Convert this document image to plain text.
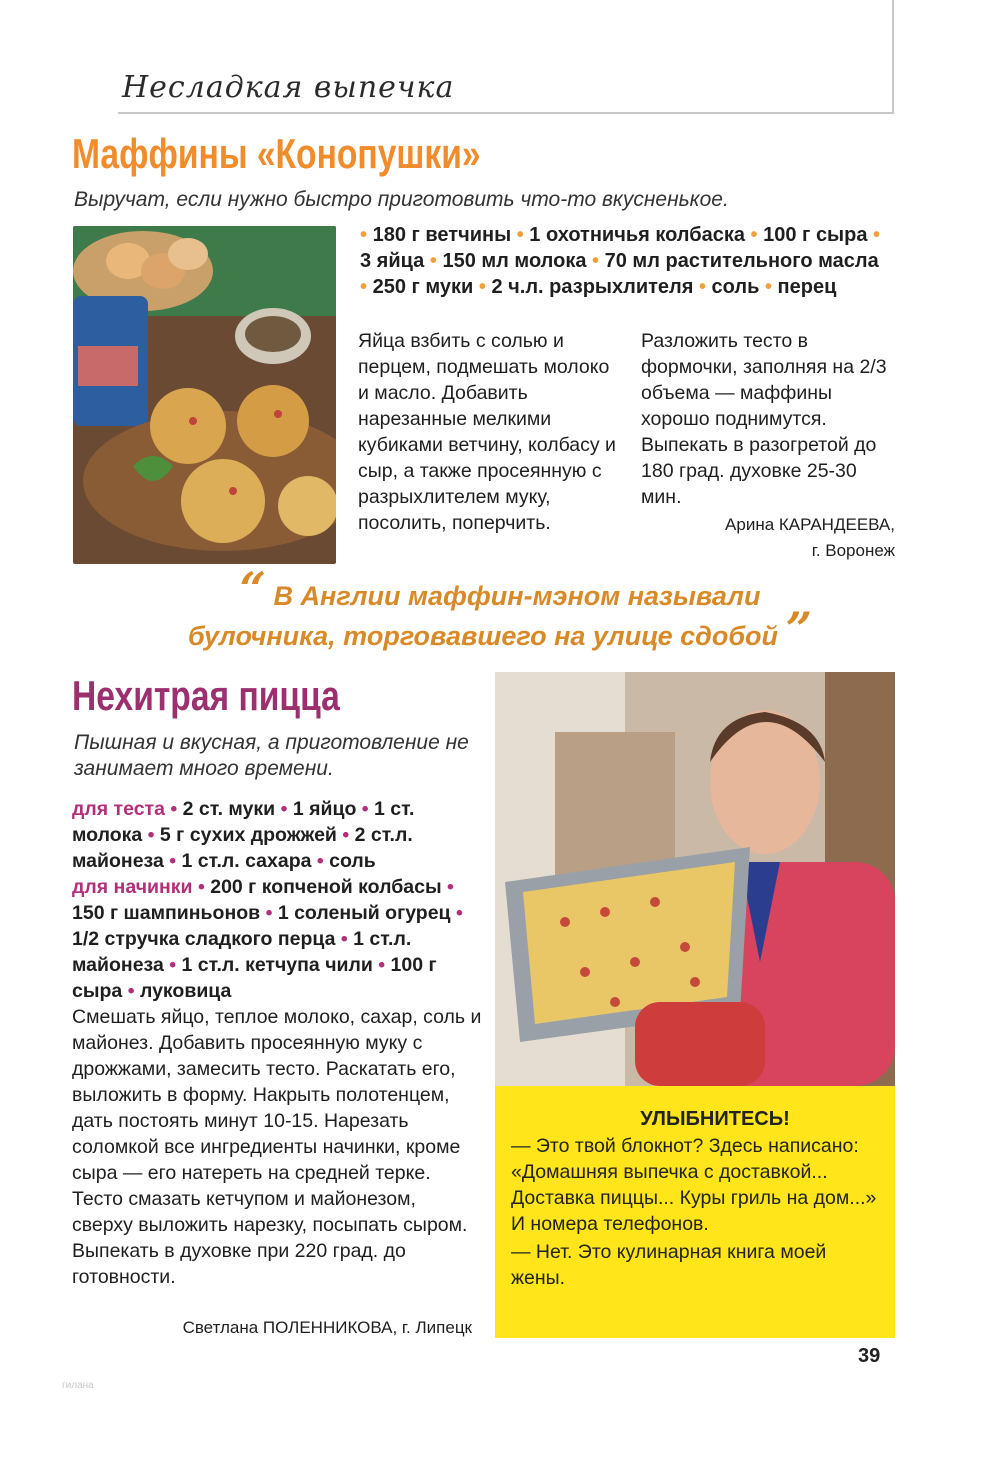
Несладкая выпечка
Маффины «Конопушки»
Выручат, если нужно быстро приготовить что-то вкусненькое.
• 180 г ветчины • 1 охотничья колбаска • 100 г сыра • 3 яйца • 150 мл молока • 70 мл растительного масла • 250 г муки • 2 ч.л. разрыхлителя • соль • перец
Яйца взбить с солью и перцем, подмешать молоко и масло. Добавить нарезанные мелкими кубиками ветчину, колбасу и сыр, а также просеянную с разрыхлителем муку, посолить, поперчить.
Разложить тесто в формочки, заполняя на 2/3 объема — маффины хорошо поднимутся. Выпекать в разогретой до 180 град. духовке 25-30 мин.
Арина КАРАНДЕЕВА,
г. Воронеж
“ В Англии маффин-мэном называли
булочника, торговавшего на улице сдобой ”
Нехитрая пицца
Пышная и вкусная, а приготовление не занимает много времени.
для теста • 2 ст. муки • 1 яйцо • 1 ст. молока • 5 г сухих дрожжей • 2 ст.л. майонеза • 1 ст.л. сахара • соль
для начинки • 200 г копченой колбасы • 150 г шампиньонов • 1 соленый огурец • 1/2 стручка сладкого перца • 1 ст.л. майонеза • 1 ст.л. кетчупа чили • 100 г сыра • луковица
Смешать яйцо, теплое молоко, сахар, соль и майонез. Добавить просеянную муку с дрожжами, замесить тесто. Раскатать его, выложить в форму. Накрыть полотенцем, дать постоять минут 10-15. Нарезать соломкой все ингредиенты начинки, кроме сыра — его натереть на средней терке. Тесто смазать кетчупом и майонезом, сверху выложить нарезку, посыпать сыром. Выпекать в духовке при 220 град. до готовности.
Светлана ПОЛЕННИКОВА, г. Липецк
УЛЫБНИТЕСЬ!
— Это твой блокнот? Здесь написано: «Домашняя выпечка с доставкой... Доставка пиццы... Куры гриль на дом...» И номера телефонов.
— Нет. Это кулинарная книга моей жены.
39
гилана
